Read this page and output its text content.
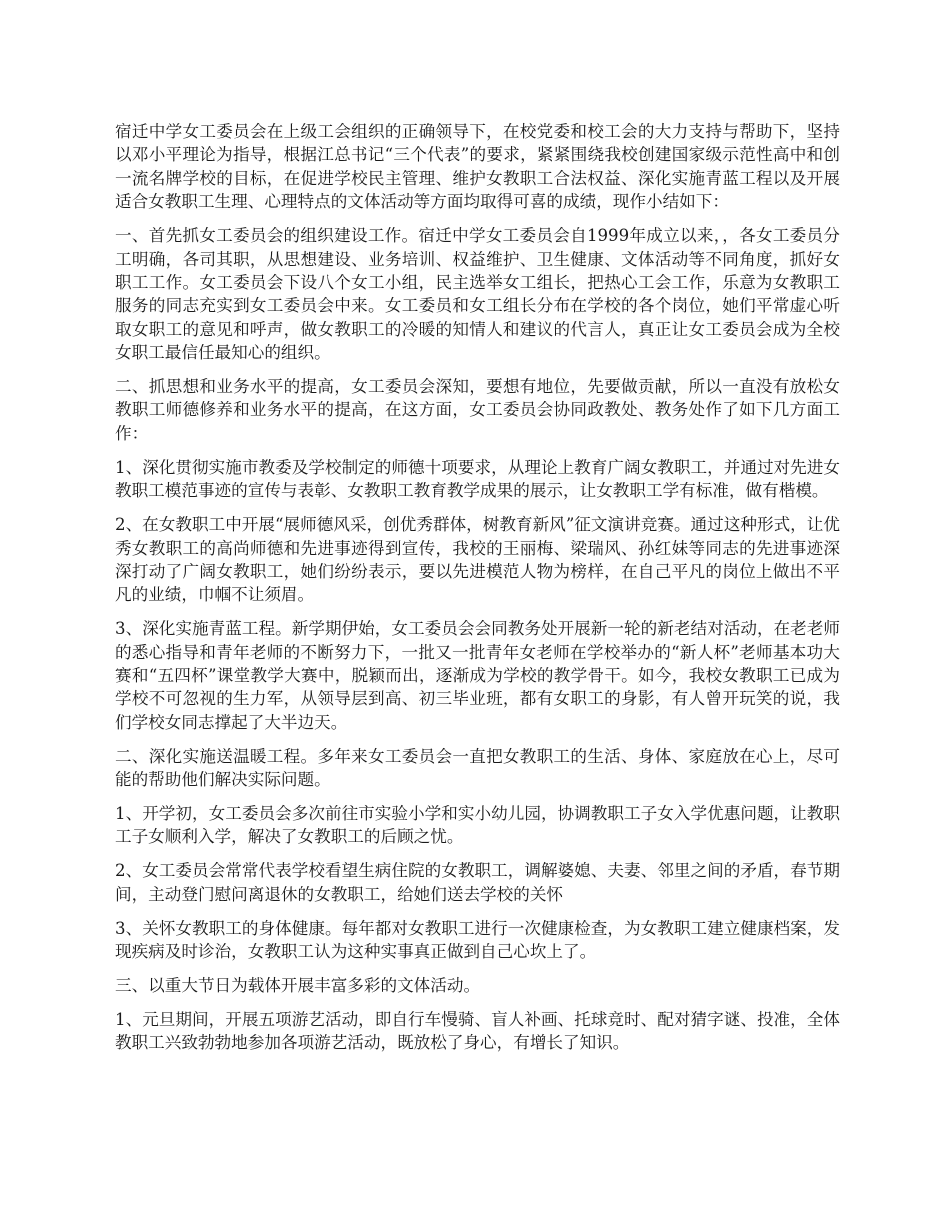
宿迁中学女工委员会在上级工会组织的正确领导下，在校党委和校工会的大力支持与帮助下，坚持以邓小平理论为指导，根据江总书记“三个代表”的要求，紧紧围绕我校创建国家级示范性高中和创一流名牌学校的目标，在促进学校民主管理、维护女教职工合法权益、深化实施青蓝工程以及开展适合女教职工生理、心理特点的文体活动等方面均取得可喜的成绩，现作小结如下：

一、首先抓女工委员会的组织建设工作。宿迁中学女工委员会自1999年成立以来，，各女工委员分工明确，各司其职，从思想建设、业务培训、权益维护、卫生健康、文体活动等不同角度，抓好女职工工作。女工委员会下设八个女工小组，民主选举女工组长，把热心工会工作，乐意为女教职工服务的同志充实到女工委员会中来。女工委员和女工组长分布在学校的各个岗位，她们平常虚心听取女职工的意见和呼声，做女教职工的冷暖的知情人和建议的代言人，真正让女工委员会成为全校女职工最信任最知心的组织。

二、抓思想和业务水平的提高，女工委员会深知，要想有地位，先要做贡献，所以一直没有放松女教职工师德修养和业务水平的提高，在这方面，女工委员会协同政教处、教务处作了如下几方面工作：

1、深化贯彻实施市教委及学校制定的师德十项要求，从理论上教育广阔女教职工，并通过对先进女教职工模范事迹的宣传与表彰、女教职工教育教学成果的展示，让女教职工学有标准，做有楷模。

2、在女教职工中开展“展师德风采，创优秀群体，树教育新风”征文演讲竞赛。通过这种形式，让优秀女教职工的高尚师德和先进事迹得到宣传，我校的王丽梅、梁瑞风、孙红妹等同志的先进事迹深深打动了广阔女教职工，她们纷纷表示，要以先进模范人物为榜样，在自己平凡的岗位上做出不平凡的业绩，巾帼不让须眉。

3、深化实施青蓝工程。新学期伊始，女工委员会会同教务处开展新一轮的新老结对活动，在老老师的悉心指导和青年老师的不断努力下，一批又一批青年女老师在学校举办的“新人杯”老师基本功大赛和“五四杯”课堂教学大赛中，脱颖而出，逐渐成为学校的教学骨干。如今，我校女教职工已成为学校不可忽视的生力军，从领导层到高、初三毕业班，都有女职工的身影，有人曾开玩笑的说，我们学校女同志撑起了大半边天。

二、深化实施送温暖工程。多年来女工委员会一直把女教职工的生活、身体、家庭放在心上，尽可能的帮助他们解决实际问题。

1、开学初，女工委员会多次前往市实验小学和实小幼儿园，协调教职工子女入学优惠问题，让教职工子女顺利入学，解决了女教职工的后顾之忧。

2、女工委员会常常代表学校看望生病住院的女教职工，调解婆媳、夫妻、邻里之间的矛盾，春节期间，主动登门慰问离退休的女教职工，给她们送去学校的关怀

3、关怀女教职工的身体健康。每年都对女教职工进行一次健康检查，为女教职工建立健康档案，发现疾病及时诊治，女教职工认为这种实事真正做到自己心坎上了。

三、以重大节日为载体开展丰富多彩的文体活动。

1、元旦期间，开展五项游艺活动，即自行车慢骑、盲人补画、托球竞时、配对猜字谜、投准，全体教职工兴致勃勃地参加各项游艺活动，既放松了身心，有增长了知识。
